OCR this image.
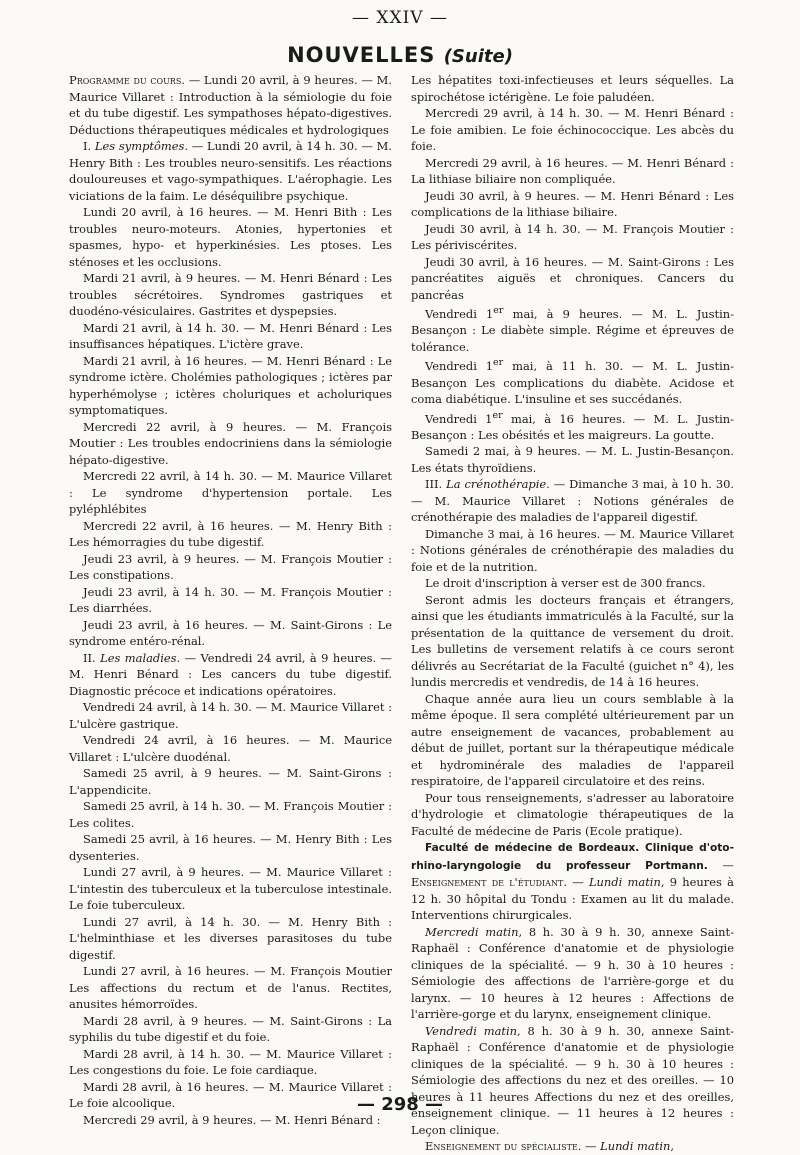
— XXIV —
NOUVELLES (Suite)

Programme du cours. — Lundi 20 avril, à 9 heures. — M. Maurice Villaret : Introduction à la sémiologie du foie et du tube digestif. Les sympathoses hépato-digestives. Déductions thérapeutiques médicales et hydrologiques

I. Les symptômes. — Lundi 20 avril, à 14 h. 30. — M. Henry Bith : Les troubles neuro-sensitifs. Les réactions douloureuses et vago-sympathiques. L'aérophagie. Les viciations de la faim. Le déséquilibre psychique.

Lundi 20 avril, à 16 heures. — M. Henri Bith : Les troubles neuro-moteurs. Atonies, hypertonies et spasmes, hypo- et hyperkinésies. Les ptoses. Les sténoses et les occlusions.

Mardi 21 avril, à 9 heures. — M. Henri Bénard : Les troubles sécrétoires. Syndromes gastriques et duodéno-vésiculaires. Gastrites et dyspepsies.

Mardi 21 avril, à 14 h. 30. — M. Henri Bénard : Les insuffisances hépatiques. L'ictère grave.

Mardi 21 avril, à 16 heures. — M. Henri Bénard : Le syndrome ictère. Cholémies pathologiques ; ictères par hyperhémolyse ; ictères choluriques et acholuriques symptomatiques.

Mercredi 22 avril, à 9 heures. — M. François Moutier : Les troubles endocriniens dans la sémiologie hépato-digestive.

Mercredi 22 avril, à 14 h. 30. — M. Maurice Villaret : Le syndrome d'hypertension portale. Les pyléphlébites

Mercredi 22 avril, à 16 heures. — M. Henry Bith : Les hémorragies du tube digestif.

Jeudi 23 avril, à 9 heures. — M. François Moutier : Les constipations.

Jeudi 23 avril, à 14 h. 30. — M. François Moutier : Les diarrhées.

Jeudi 23 avril, à 16 heures. — M. Saint-Girons : Le syndrome entéro-rénal.

II. Les maladies. — Vendredi 24 avril, à 9 heures. — M. Henri Bénard : Les cancers du tube digestif. Diagnostic précoce et indications opératoires.

Vendredi 24 avril, à 14 h. 30. — M. Maurice Villaret : L'ulcère gastrique.

Vendredi 24 avril, à 16 heures. — M. Maurice Villaret : L'ulcère duodénal.

Samedi 25 avril, à 9 heures. — M. Saint-Girons : L'appendicite.

Samedi 25 avril, à 14 h. 30. — M. François Moutier : Les colites.

Samedi 25 avril, à 16 heures. — M. Henry Bith : Les dysenteries.

Lundi 27 avril, à 9 heures. — M. Maurice Villaret : L'intestin des tuberculeux et la tuberculose intestinale. Le foie tuberculeux.

Lundi 27 avril, à 14 h. 30. — M. Henry Bith : L'helminthiase et les diverses parasitoses du tube digestif.

Lundi 27 avril, à 16 heures. — M. François Moutier Les affections du rectum et de l'anus. Rectites, anusites hémorroïdes.

Mardi 28 avril, à 9 heures. — M. Saint-Girons : La syphilis du tube digestif et du foie.

Mardi 28 avril, à 14 h. 30. — M. Maurice Villaret : Les congestions du foie. Le foie cardiaque.

Mardi 28 avril, à 16 heures. — M. Maurice Villaret : Le foie alcoolique.

Mercredi 29 avril, à 9 heures. — M. Henri Bénard :

Les hépatites toxi-infectieuses et leurs séquelles. La spirochétose ictérigène. Le foie paludéen.

Mercredi 29 avril, à 14 h. 30. — M. Henri Bénard : Le foie amibien. Le foie échinococcique. Les abcès du foie.

Mercredi 29 avril, à 16 heures. — M. Henri Bénard : La lithiase biliaire non compliquée.

Jeudi 30 avril, à 9 heures. — M. Henri Bénard : Les complications de la lithiase biliaire.

Jeudi 30 avril, à 14 h. 30. — M. François Moutier : Les périviscérites.

Jeudi 30 avril, à 16 heures. — M. Saint-Girons : Les pancréatites aiguës et chroniques. Cancers du pancréas

Vendredi 1er mai, à 9 heures. — M. L. Justin-Besançon : Le diabète simple. Régime et épreuves de tolérance.

Vendredi 1er mai, à 11 h. 30. — M. L. Justin-Besançon Les complications du diabète. Acidose et coma diabétique. L'insuline et ses succédanés.

Vendredi 1er mai, à 16 heures. — M. L. Justin-Besançon : Les obésités et les maigreurs. La goutte.

Samedi 2 mai, à 9 heures. — M. L. Justin-Besançon. Les états thyroïdiens.

III. La crénothérapie. — Dimanche 3 mai, à 10 h. 30. — M. Maurice Villaret : Notions générales de crénothérapie des maladies de l'appareil digestif.

Dimanche 3 mai, à 16 heures. — M. Maurice Villaret : Notions générales de crénothérapie des maladies du foie et de la nutrition.

Le droit d'inscription à verser est de 300 francs.

Seront admis les docteurs français et étrangers, ainsi que les étudiants immatriculés à la Faculté, sur la présentation de la quittance de versement du droit. Les bulletins de versement relatifs à ce cours seront délivrés au Secrétariat de la Faculté (guichet n° 4), les lundis mercredis et vendredis, de 14 à 16 heures.

Chaque année aura lieu un cours semblable à la même époque. Il sera complété ultérieurement par un autre enseignement de vacances, probablement au début de juillet, portant sur la thérapeutique médicale et hydrominérale des maladies de l'appareil respiratoire, de l'appareil circulatoire et des reins.

Pour tous renseignements, s'adresser au laboratoire d'hydrologie et climatologie thérapeutiques de la Faculté de médecine de Paris (Ecole pratique).

Faculté de médecine de Bordeaux. Clinique d'oto-rhino-laryngologie du professeur Portmann. — Enseignement de l'étudiant. — Lundi matin, 9 heures à 12 h. 30 hôpital du Tondu : Examen au lit du malade. Interventions chirurgicales.

Mercredi matin, 8 h. 30 à 9 h. 30, annexe Saint-Raphaël : Conférence d'anatomie et de physiologie cliniques de la spécialité. — 9 h. 30 à 10 heures : Sémiologie des affections de l'arrière-gorge et du larynx. — 10 heures à 12 heures : Affections de l'arrière-gorge et du larynx, enseignement clinique.

Vendredi matin, 8 h. 30 à 9 h. 30, annexe Saint-Raphaël : Conférence d'anatomie et de physiologie cliniques de la spécialité. — 9 h. 30 à 10 heures : Sémiologie des affections du nez et des oreilles. — 10 heures à 11 heures Affections du nez et des oreilles, enseignement clinique. — 11 heures à 12 heures : Leçon clinique.

Enseignement du spécialiste. — Lundi matin,

— 298 —
